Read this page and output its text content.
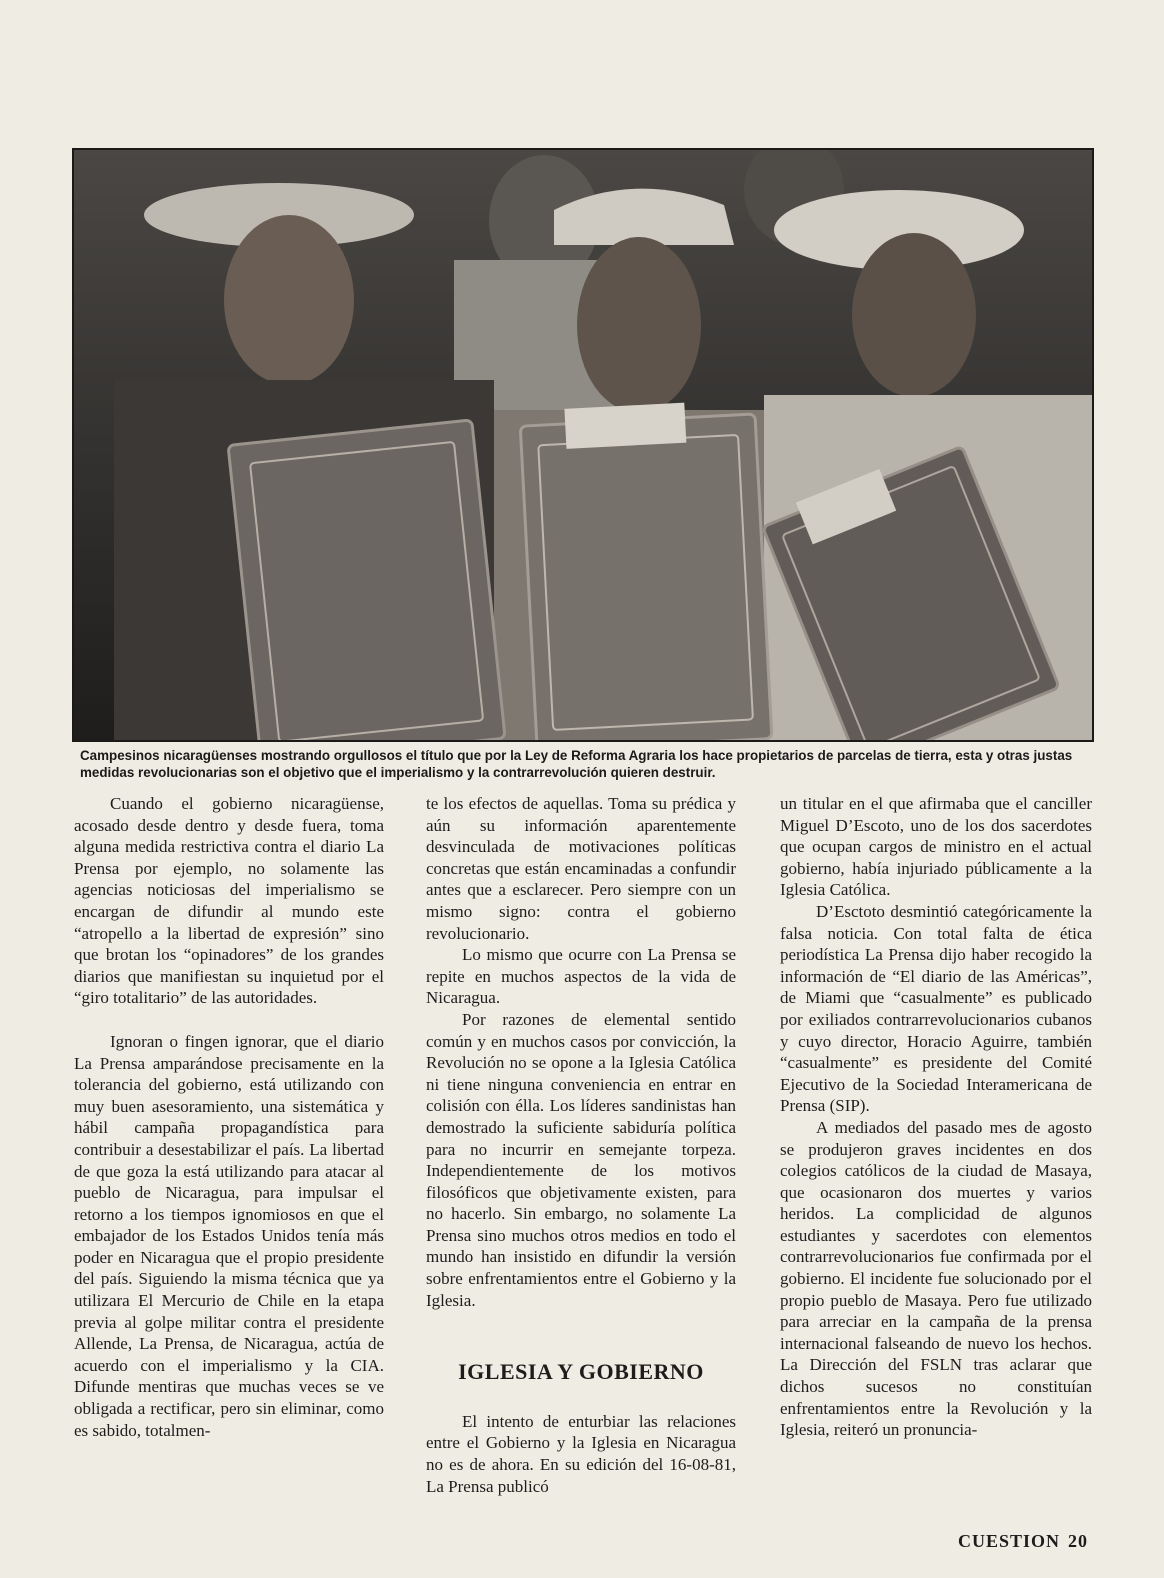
Campesinos nicaragüenses mostrando orgullosos el título que por la Ley de Reforma Agraria los hace propietarios de parcelas de tierra, esta y otras justas medidas revolucionarias son el objetivo que el imperialismo y la contrarrevolución quieren destruir.

Cuando el gobierno nicaragüense, acosado desde dentro y desde fuera, toma alguna medida restrictiva contra el diario La Prensa por ejemplo, no solamente las agencias noticiosas del imperialismo se encargan de difundir al mundo este “atropello a la libertad de expresión” sino que brotan los “opinadores” de los grandes diarios que manifiestan su inquietud por el “giro totalitario” de las autoridades.

Ignoran o fingen ignorar, que el diario La Prensa amparándose precisamente en la tolerancia del gobierno, está utilizando con muy buen asesoramiento, una sistemática y hábil campaña propagandística para contribuir a desestabilizar el país. La libertad de que goza la está utilizando para atacar al pueblo de Nicaragua, para impulsar el retorno a los tiempos ignomiosos en que el embajador de los Estados Unidos tenía más poder en Nicaragua que el propio presidente del país. Siguiendo la misma técnica que ya utilizara El Mercurio de Chile en la etapa previa al golpe militar contra el presidente Allende, La Prensa, de Nicaragua, actúa de acuerdo con el imperialismo y la CIA. Difunde mentiras que muchas veces se ve obligada a rectificar, pero sin eliminar, como es sabido, totalmen-

te los efectos de aquellas. Toma su prédica y aún su información aparentemente desvinculada de motivaciones políticas concretas que están encaminadas a confundir antes que a esclarecer. Pero siempre con un mismo signo: contra el gobierno revolucionario.

Lo mismo que ocurre con La Prensa se repite en muchos aspectos de la vida de Nicaragua.

Por razones de elemental sentido común y en muchos casos por convicción, la Revolución no se opone a la Iglesia Católica ni tiene ninguna conveniencia en entrar en colisión con élla. Los líderes sandinistas han demostrado la suficiente sabiduría política para no incurrir en semejante torpeza. Independientemente de los motivos filosóficos que objetivamente existen, para no hacerlo. Sin embargo, no solamente La Prensa sino muchos otros medios en todo el mundo han insistido en difundir la versión sobre enfrentamientos entre el Gobierno y la Iglesia.

IGLESIA Y GOBIERNO

El intento de enturbiar las relaciones entre el Gobierno y la Iglesia en Nicaragua no es de ahora. En su edición del 16-08-81, La Prensa publicó

un titular en el que afirmaba que el canciller Miguel D’Escoto, uno de los dos sacerdotes que ocupan cargos de ministro en el actual gobierno, había injuriado públicamente a la Iglesia Católica.

D’Esctoto desmintió categóricamente la falsa noticia. Con total falta de ética periodística La Prensa dijo haber recogido la información de “El diario de las Américas”, de Miami que “casualmente” es publicado por exiliados contrarrevolucionarios cubanos y cuyo director, Horacio Aguirre, también “casualmente” es presidente del Comité Ejecutivo de la Sociedad Interamericana de Prensa (SIP).

A mediados del pasado mes de agosto se produjeron graves incidentes en dos colegios católicos de la ciudad de Masaya, que ocasionaron dos muertes y varios heridos. La complicidad de algunos estudiantes y sacerdotes con elementos contrarrevolucionarios fue confirmada por el gobierno. El incidente fue solucionado por el propio pueblo de Masaya. Pero fue utilizado para arreciar en la campaña de la prensa internacional falseando de nuevo los hechos. La Dirección del FSLN tras aclarar que dichos sucesos no constituían enfrentamientos entre la Revolución y la Iglesia, reiteró un pronuncia-

CUESTION 20
